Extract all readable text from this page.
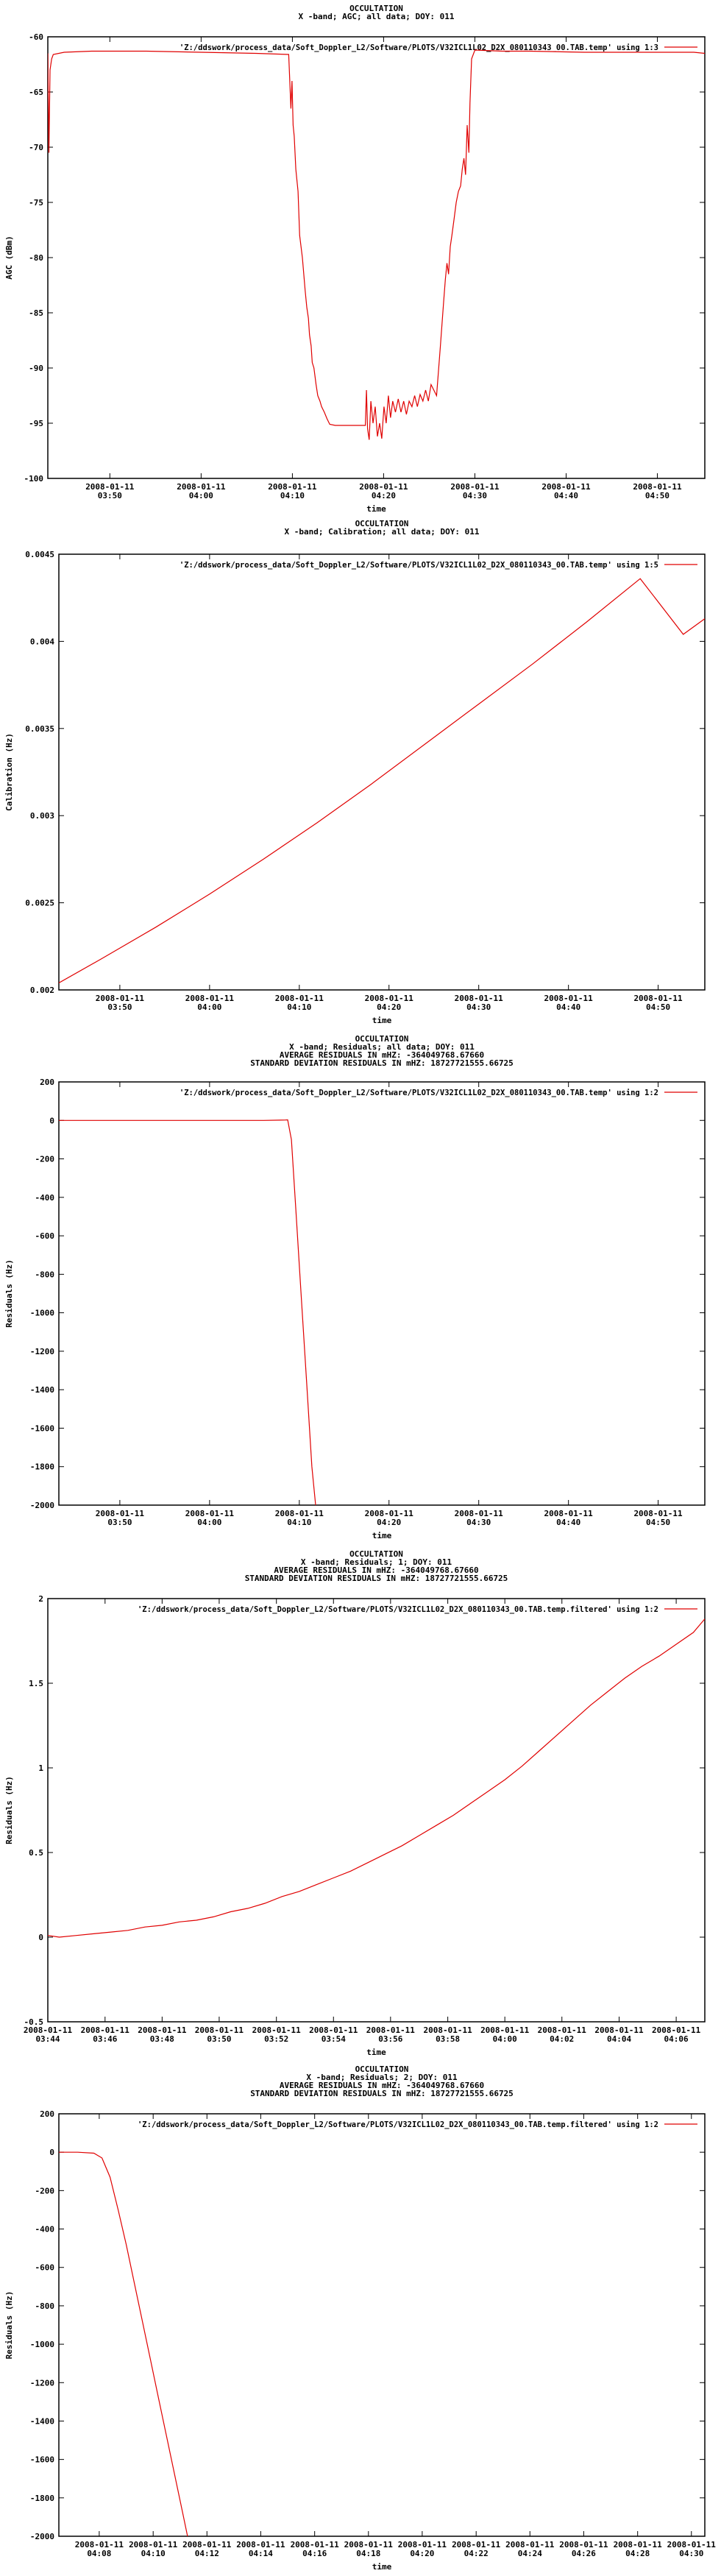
OCCULTATION
X -band; AGC; all data; DOY: 011
-60
-65
-70
-75
-80
-85
-90
-95
-100
2008-01-11
03:50
2008-01-11
04:00
2008-01-11
04:10
2008-01-11
04:20
2008-01-11
04:30
2008-01-11
04:40
2008-01-11
04:50
time
AGC (dBm)
'Z:/ddswork/process_data/Soft_Doppler_L2/Software/PLOTS/V32ICL1L02_D2X_080110343_00.TAB.temp' using 1:3
OCCULTATION
X -band; Calibration; all data; DOY: 011
0.002
0.0025
0.003
0.0035
0.004
0.0045
2008-01-11
03:50
2008-01-11
04:00
2008-01-11
04:10
2008-01-11
04:20
2008-01-11
04:30
2008-01-11
04:40
2008-01-11
04:50
time
Calibration (Hz)
'Z:/ddswork/process_data/Soft_Doppler_L2/Software/PLOTS/V32ICL1L02_D2X_080110343_00.TAB.temp' using 1:5
OCCULTATION
X -band; Residuals; all data; DOY: 011
AVERAGE RESIDUALS IN mHZ: -364049768.67660
STANDARD DEVIATION RESIDUALS IN mHZ: 18727721555.66725
200
0
-200
-400
-600
-800
-1000
-1200
-1400
-1600
-1800
-2000
2008-01-11
03:50
2008-01-11
04:00
2008-01-11
04:10
2008-01-11
04:20
2008-01-11
04:30
2008-01-11
04:40
2008-01-11
04:50
time
Residuals (Hz)
'Z:/ddswork/process_data/Soft_Doppler_L2/Software/PLOTS/V32ICL1L02_D2X_080110343_00.TAB.temp' using 1:2
OCCULTATION
X -band; Residuals; 1; DOY: 011
AVERAGE RESIDUALS IN mHZ: -364049768.67660
STANDARD DEVIATION RESIDUALS IN mHZ: 18727721555.66725
2
1.5
1
0.5
0
-0.5
2008-01-11
03:44
2008-01-11
03:46
2008-01-11
03:48
2008-01-11
03:50
2008-01-11
03:52
2008-01-11
03:54
2008-01-11
03:56
2008-01-11
03:58
2008-01-11
04:00
2008-01-11
04:02
2008-01-11
04:04
2008-01-11
04:06
time
Residuals (Hz)
'Z:/ddswork/process_data/Soft_Doppler_L2/Software/PLOTS/V32ICL1L02_D2X_080110343_00.TAB.temp.filtered' using 1:2
OCCULTATION
X -band; Residuals; 2; DOY: 011
AVERAGE RESIDUALS IN mHZ: -364049768.67660
STANDARD DEVIATION RESIDUALS IN mHZ: 18727721555.66725
200
0
-200
-400
-600
-800
-1000
-1200
-1400
-1600
-1800
-2000
2008-01-11
04:08
2008-01-11
04:10
2008-01-11
04:12
2008-01-11
04:14
2008-01-11
04:16
2008-01-11
04:18
2008-01-11
04:20
2008-01-11
04:22
2008-01-11
04:24
2008-01-11
04:26
2008-01-11
04:28
2008-01-11
04:30
time
Residuals (Hz)
'Z:/ddswork/process_data/Soft_Doppler_L2/Software/PLOTS/V32ICL1L02_D2X_080110343_00.TAB.temp.filtered' using 1:2
